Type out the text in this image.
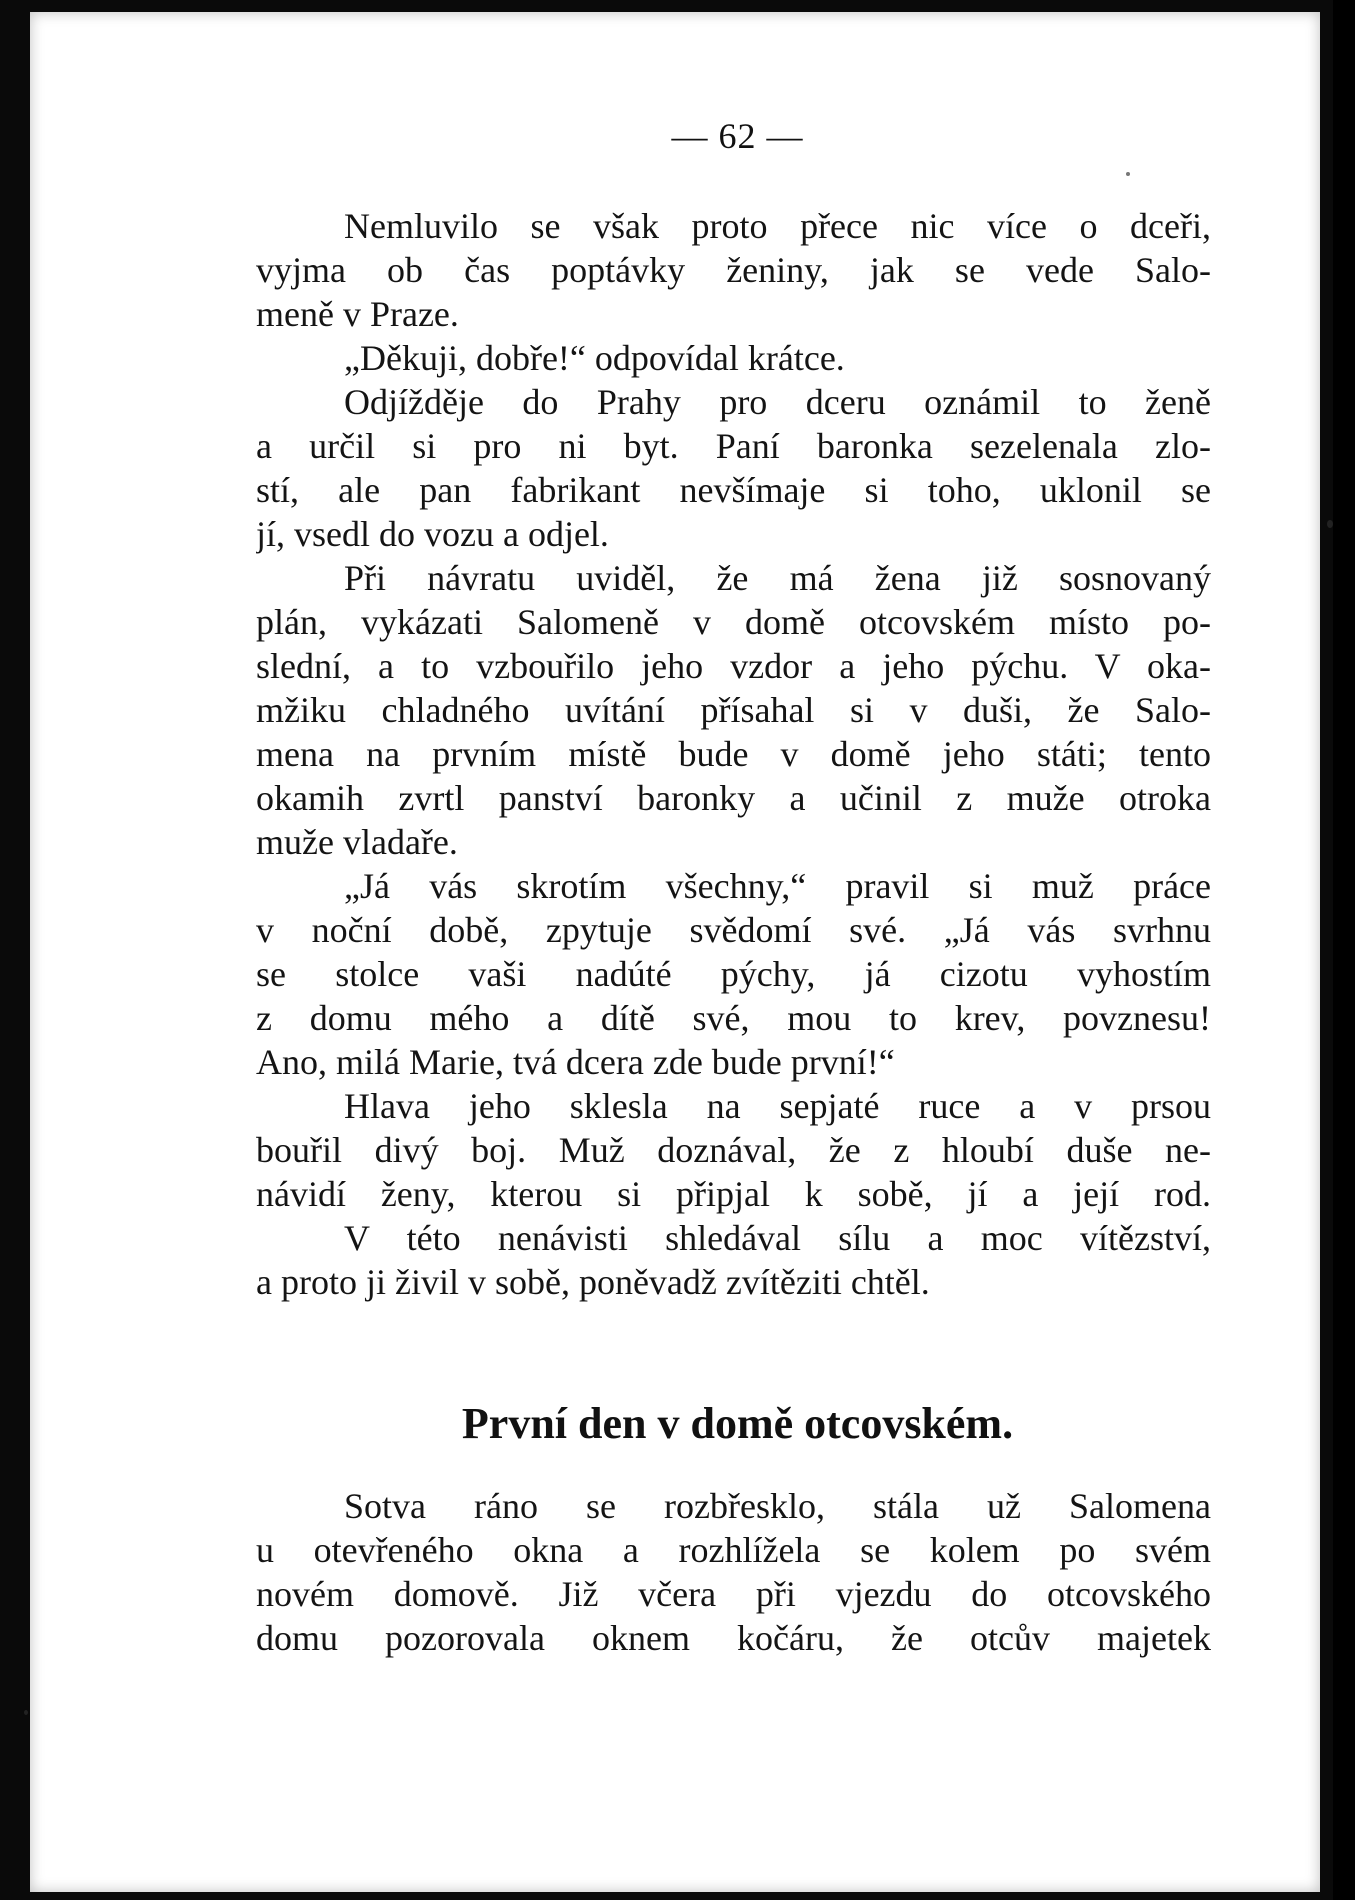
— 62 —
Nemluvilo se však proto přece nic více o dceři,
vyjma ob čas poptávky ženiny, jak se vede Salo-
meně v Praze.
„Děkuji, dobře!“ odpovídal krátce.
Odjížděje do Prahy pro dceru oznámil to ženě
a určil si pro ni byt. Paní baronka sezelenala zlo-
stí, ale pan fabrikant nevšímaje si toho, uklonil se
jí, vsedl do vozu a odjel.
Při návratu uviděl, že má žena již sosnovaný
plán, vykázati Salomeně v domě otcovském místo po-
slední, a to vzbouřilo jeho vzdor a jeho pýchu. V oka-
mžiku chladného uvítání přísahal si v duši, že Salo-
mena na prvním místě bude v domě jeho státi; tento
okamih zvrtl panství baronky a učinil z muže otroka
muže vladaře.
„Já vás skrotím všechny,“ pravil si muž práce
v noční době, zpytuje svědomí své. „Já vás svrhnu
se stolce vaši nadúté pýchy, já cizotu vyhostím
z domu mého a dítě své, mou to krev, povznesu!
Ano, milá Marie, tvá dcera zde bude první!“
Hlava jeho sklesla na sepjaté ruce a v prsou
bouřil divý boj. Muž doznával, že z hloubí duše ne-
návidí ženy, kterou si připjal k sobě, jí a její rod.
V této nenávisti shledával sílu a moc vítězství,
a proto ji živil v sobě, poněvadž zvítěziti chtěl.
První den v domě otcovském.
Sotva ráno se rozbřesklo, stála už Salomena
u otevřeného okna a rozhlížela se kolem po svém
novém domově. Již včera při vjezdu do otcovského
domu pozorovala oknem kočáru, že otcův majetek
